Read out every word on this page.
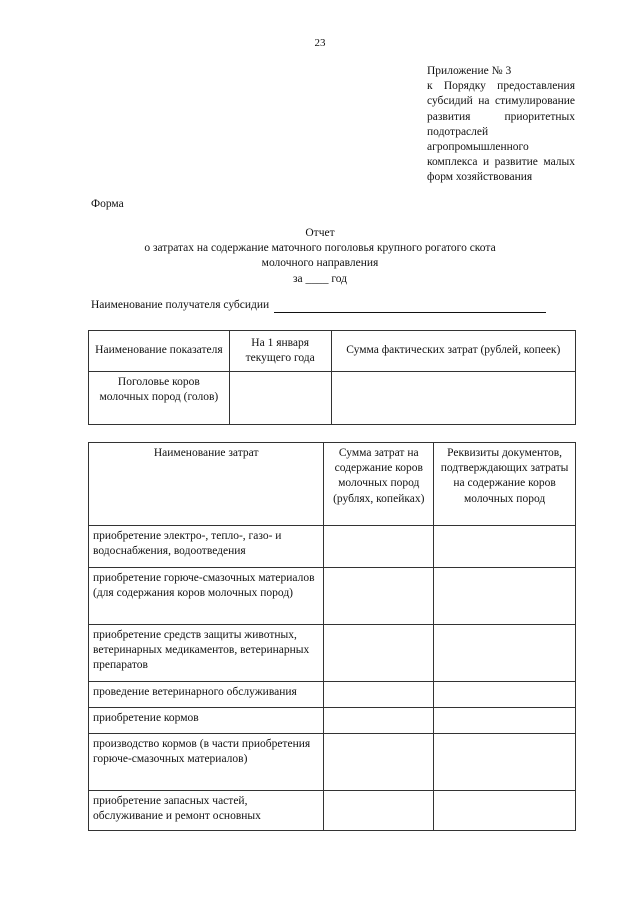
23
Приложение № 3
к Порядку предоставления субсидий на стимулирование развития приоритетных подотраслей агропромышленного комплекса и развитие малых форм хозяйствования
Форма
Отчет
о затратах на содержание маточного поголовья крупного рогатого скота
молочного направления
за ____ год
Наименование получателя субсидии
Наименование показателя	На 1 января текущего года	Сумма фактических затрат (рублей, копеек)
Поголовье коров молочных пород (голов)		
Наименование затрат	Сумма затрат на содержание коров молочных пород (рублях, копейках)	Реквизиты документов, подтверждающих затраты на содержание коров молочных пород
приобретение электро-, тепло-, газо- и водоснабжения, водоотведения		
приобретение горюче-смазочных материалов (для содержания коров молочных пород)		
приобретение средств защиты животных, ветеринарных медикаментов, ветеринарных препаратов		
проведение ветеринарного обслуживания		
приобретение кормов		
производство кормов (в части приобретения горюче-смазочных материалов)		
приобретение запасных частей, обслуживание и ремонт основных		
